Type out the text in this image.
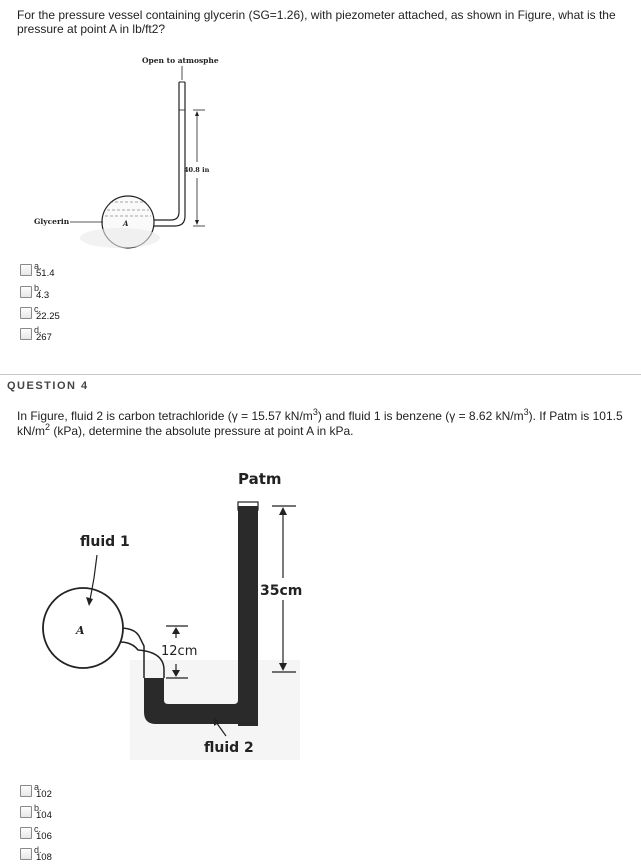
For the pressure vessel containing glycerin (SG=1.26), with piezometer attached, as shown in Figure, what is the pressure at point A in lb/ft2?
Open to atmosphe
40.8 in
A
Glycerin
a.
51.4
b.
4.3
c.
22.25
d.
267
QUESTION 4
In Figure, fluid 2 is carbon tetrachloride (γ = 15.57 $kN/m^3$) and fluid 1 is benzene (γ = 8.62 $kN/m^3$). If Patm is 101.5 $kN/m^2$ (kPa), determine the absolute pressure at point A in kPa.
Patm
A
fluid 1
35cm
12cm
fluid 2
a.
102
b.
104
c.
106
d.
108
